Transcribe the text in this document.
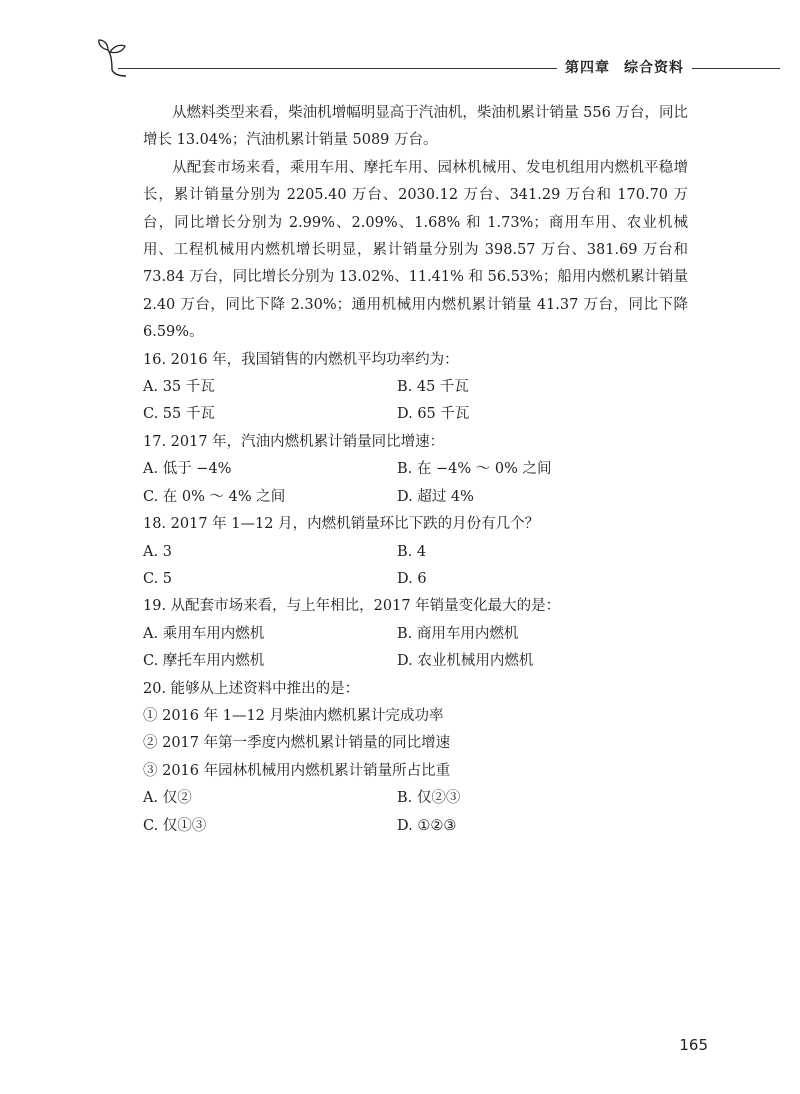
第四章 综合资料

从燃料类型来看，柴油机增幅明显高于汽油机，柴油机累计销量 556 万台，同比增长 13.04%；汽油机累计销量 5089 万台。

从配套市场来看，乘用车用、摩托车用、园林机械用、发电机组用内燃机平稳增长，累计销量分别为 2205.40 万台、2030.12 万台、341.29 万台和 170.70 万台，同比增长分别为 2.99%、2.09%、1.68% 和 1.73%；商用车用、农业机械用、工程机械用内燃机增长明显，累计销量分别为 398.57 万台、381.69 万台和 73.84 万台，同比增长分别为 13.02%、11.41% 和 56.53%；船用内燃机累计销量 2.40 万台，同比下降 2.30%；通用机械用内燃机累计销量 41.37 万台，同比下降 6.59%。

16. 2016 年，我国销售的内燃机平均功率约为：

A. 35 千瓦	B. 45 千瓦
C. 55 千瓦	D. 65 千瓦

17. 2017 年，汽油内燃机累计销量同比增速：

A. 低于 −4%	B. 在 −4% ～ 0% 之间
C. 在 0% ～ 4% 之间	D. 超过 4%

18. 2017 年 1—12 月，内燃机销量环比下跌的月份有几个？

A. 3	B. 4
C. 5	D. 6

19. 从配套市场来看，与上年相比，2017 年销量变化最大的是：

A. 乘用车用内燃机	B. 商用车用内燃机
C. 摩托车用内燃机	D. 农业机械用内燃机

20. 能够从上述资料中推出的是：

① 2016 年 1—12 月柴油内燃机累计完成功率

② 2017 年第一季度内燃机累计销量的同比增速

③ 2016 年园林机械用内燃机累计销量所占比重

A. 仅②	B. 仅②③
C. 仅①③	D. ①②③
165
